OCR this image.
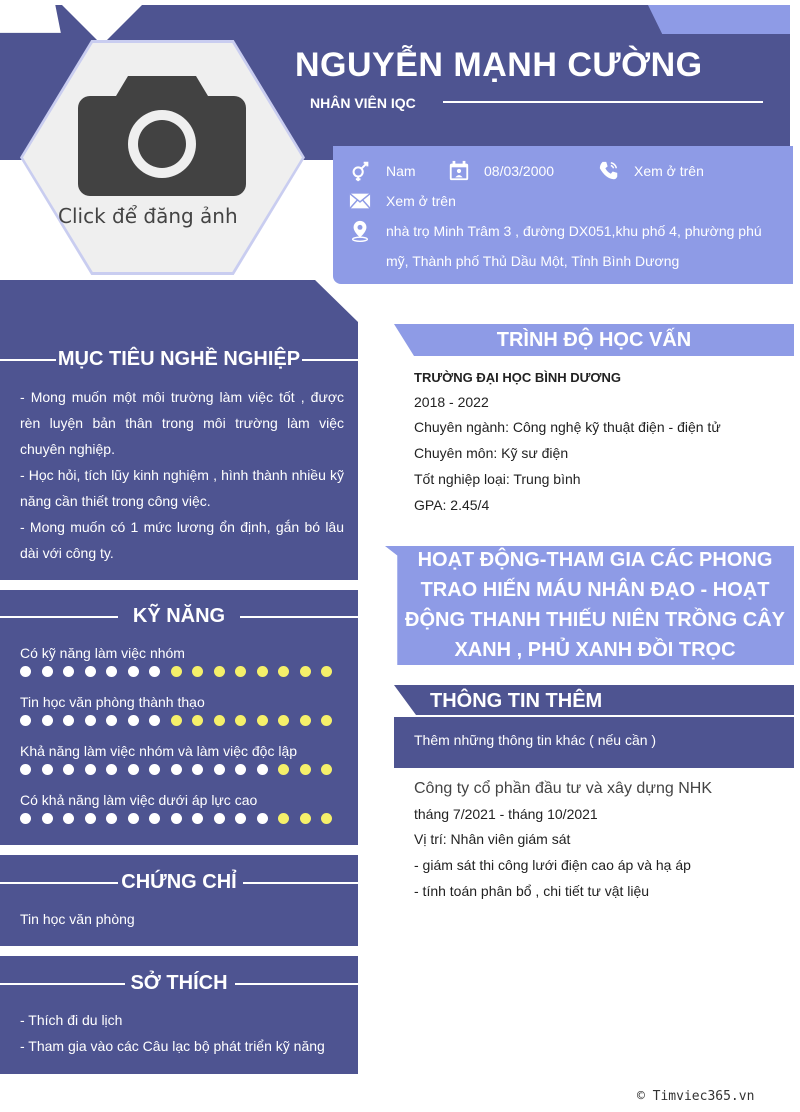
NGUYỄN MẠNH CƯỜNG
NHÂN VIÊN IQC
Nam	08/03/2000	Xem ở trên
Xem ở trên
nhà trọ Minh Trâm 3 , đường DX051,khu phố 4, phường phú
mỹ, Thành phố Thủ Dầu Một, Tỉnh Bình Dương
Click để đăng ảnh
MỤC TIÊU NGHỀ NGHIỆP
- Mong muốn một môi trường làm việc tốt , được rèn luyện bản thân trong môi trường làm việc chuyên nghiệp.
- Học hỏi, tích lũy kinh nghiệm , hình thành nhiều kỹ năng cần thiết trong công việc.
- Mong muốn có 1 mức lương ổn định, gắn bó lâu dài với công ty.
KỸ NĂNG
Có kỹ năng làm việc nhóm
Tin học văn phòng thành thạo
Khả năng làm việc nhóm và làm việc độc lập
Có khả năng làm việc dưới áp lực cao
CHỨNG CHỈ
Tin học văn phòng
SỞ THÍCH
- Thích đi du lịch
- Tham gia vào các Câu lạc bộ phát triển kỹ năng
TRÌNH ĐỘ HỌC VẤN
TRƯỜNG ĐẠI HỌC BÌNH DƯƠNG
2018 - 2022
Chuyên ngành: Công nghệ kỹ thuật điện - điện tử
Chuyên môn: Kỹ sư điện
Tốt nghiệp loại: Trung bình
GPA: 2.45/4
HOẠT ĐỘNG-THAM GIA CÁC PHONG TRAO HIẾN MÁU NHÂN ĐẠO - HOẠT ĐỘNG THANH THIẾU NIÊN TRỒNG CÂY XANH , PHỦ XANH ĐỒI TRỌC
THÔNG TIN THÊM
Thêm những thông tin khác ( nếu cần )
Công ty cổ phần đầu tư và xây dựng NHK
tháng 7/2021 - tháng 10/2021
Vị trí: Nhân viên giám sát
- giám sát thi công lưới điện cao áp và hạ áp
- tính toán phân bổ , chi tiết tư vật liệu
© Timviec365.vn
